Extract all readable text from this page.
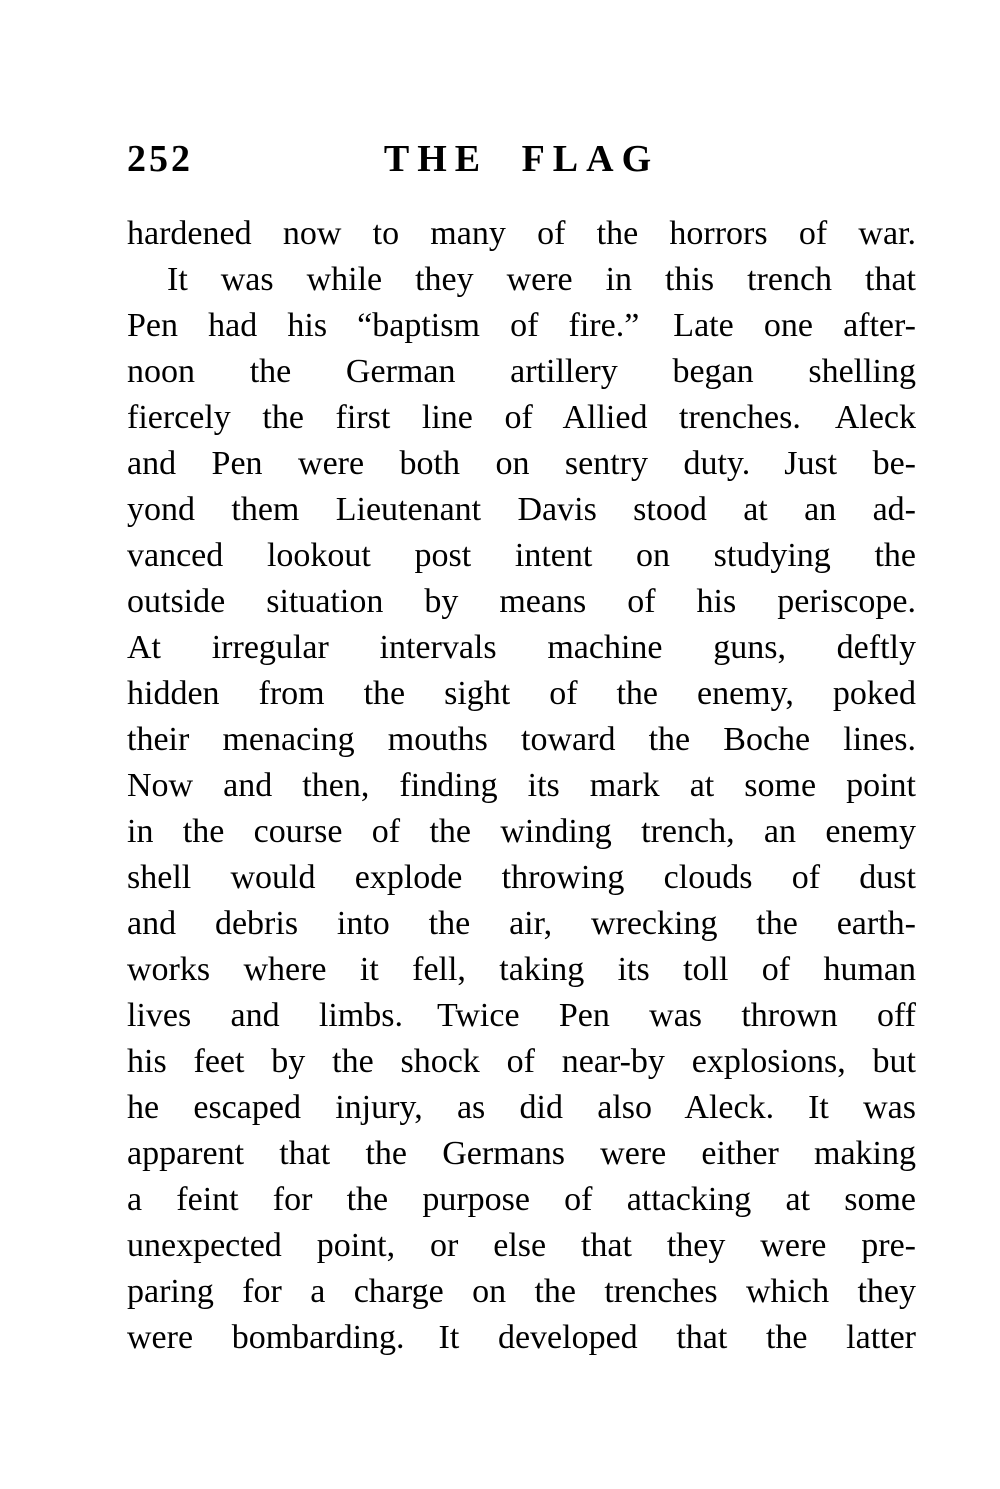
252	THE FLAG
hardened now to many of the horrors of war.
It was while they were in this trench that
Pen had his “baptism of fire.” Late one after-
noon the German artillery began shelling
fiercely the first line of Allied trenches. Aleck
and Pen were both on sentry duty. Just be-
yond them Lieutenant Davis stood at an ad-
vanced lookout post intent on studying the
outside situation by means of his periscope.
At irregular intervals machine guns, deftly
hidden from the sight of the enemy, poked
their menacing mouths toward the Boche lines.
Now and then, finding its mark at some point
in the course of the winding trench, an enemy
shell would explode throwing clouds of dust
and debris into the air, wrecking the earth-
works where it fell, taking its toll of human
lives and limbs. Twice Pen was thrown off
his feet by the shock of near-by explosions, but
he escaped injury, as did also Aleck. It was
apparent that the Germans were either making
a feint for the purpose of attacking at some
unexpected point, or else that they were pre-
paring for a charge on the trenches which they
were bombarding. It developed that the latter
